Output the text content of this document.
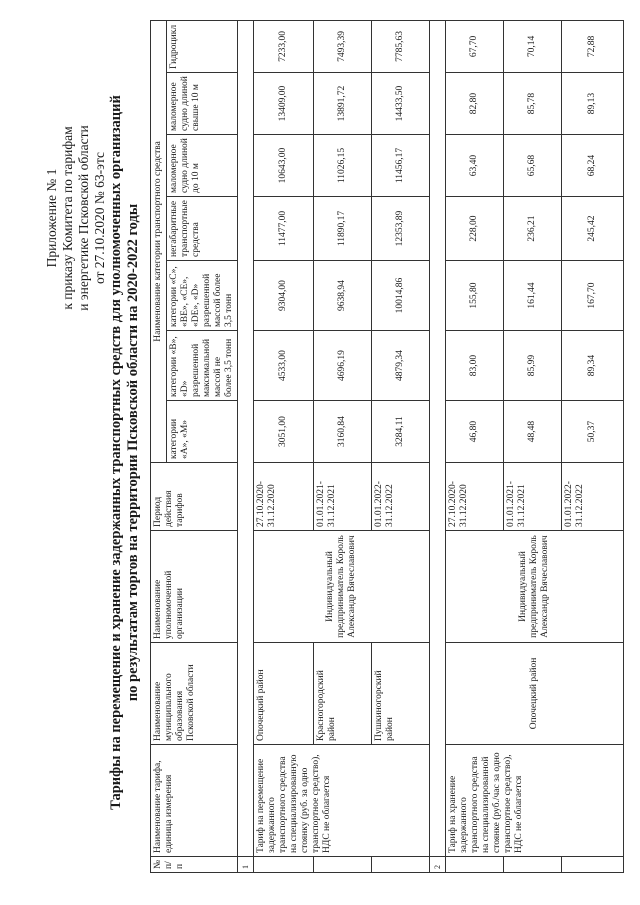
Приложение № 1 к приказу Комитета по тарифам и энергетике Псковской области от 27.10.2020 № 63-этс Тарифы на перемещение и хранение задержанных транспортных средств для уполномоченных организаций по результатам торгов на территории Псковской области на 2020-2022 годы
№ п/п	Наименование тарифа, единица измерения	Наименование муниципального образования Псковской области	Наименование уполномоченной организации	Период действия тарифов	Наименование категории транспортного средства						
					категории «А», «М»	категории «В», «D» разрешенной максимальной массой не более 3,5 тонн	категории «С», «ВЕ», «СЕ», «DЕ», «D» разрешенной массой более 3,5 тонн	негабаритные транспортные средства	маломерное судно длиной до 10 м	маломерное судно длиной свыше 10 м	Гидроцикл
1											
	Тариф на перемещение задержанного транспортного средства на специализированную стоянку (руб. за одно транспортное средство), НДС не облагается	Опочецкий район	Индивидуальный предприниматель Король Александр Вячеславович	27.10.2020-31.12.2020	3051,00	4533,00	9304,00	11477,00	10643,00	13409,00	7233,00
		Красногородский район		01.01.2021-31.12.2021	3160,84	4696,19	9638,94	11890,17	11026,15	13891,72	7493,39
		Пушкиногорский район		01.01.2022-31.12.2022	3284,11	4879,34	10014,86	12353,89	11456,17	14433,50	7785,63
2											
	Тариф на хранение задержанного транспортного средства на специализированной стоянке (руб./час за одно транспортное средство), НДС не облагается	Опочецкий район	Индивидуальный предприниматель Король Александр Вячеславович	27.10.2020-31.12.2020	46,80	83,00	155,80	228,00	63,40	82,80	67,70
				01.01.2021-31.12.2021	48,48	85,99	161,44	236,21	65,68	85,78	70,14
				01.01.2022-31.12.2022	50,37	89,34	167,70	245,42	68,24	89,13	72,88
